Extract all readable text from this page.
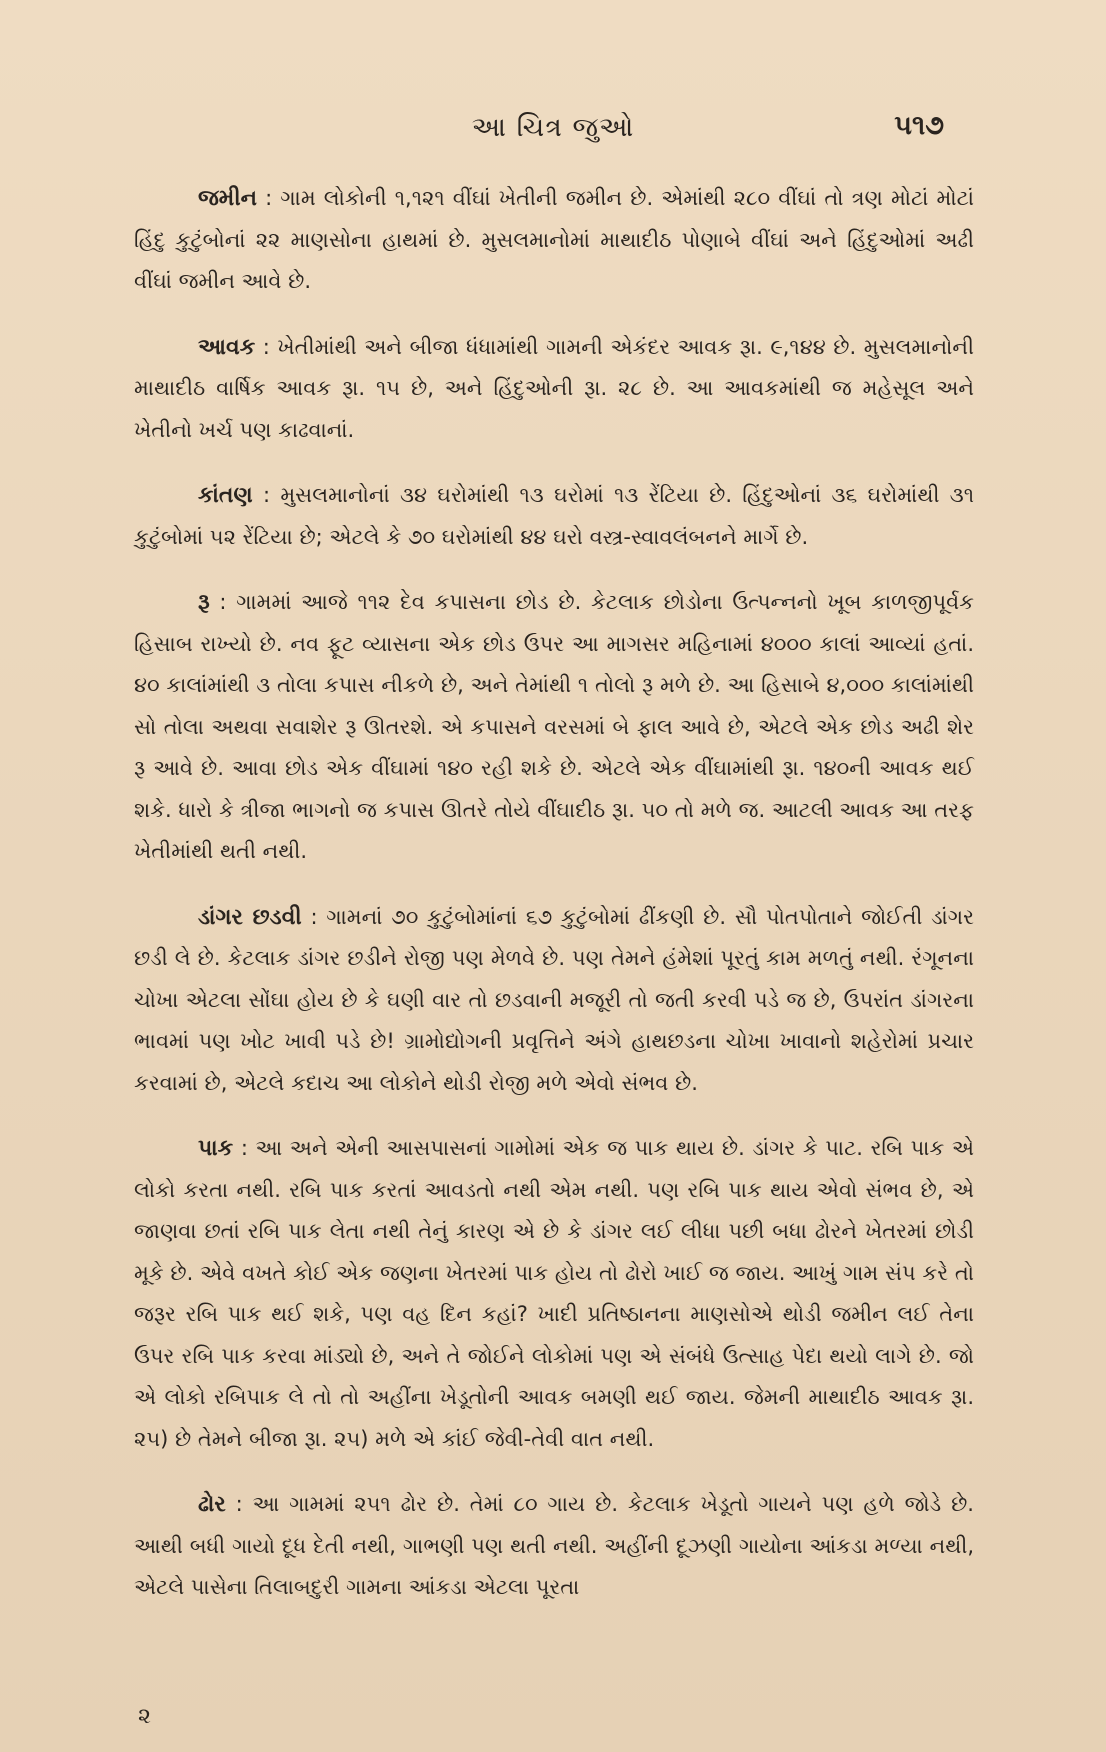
આ ચિત્ર જુઓ	૫૧૭

જમીન : ગામ લોકોની ૧,૧૨૧ વીંઘાં ખેતીની જમીન છે. એમાંથી ૨૮૦ વીંઘાં તો ત્રણ મોટાં મોટાં હિંદુ કુટુંબોનાં ૨૨ માણસોના હાથમાં છે. મુસલમાનોમાં માથાદીઠ પોણાબે વીંઘાં અને હિંદુઓમાં અઢી વીંઘાં જમીન આવે છે.

આવક : ખેતીમાંથી અને બીજા ધંધામાંથી ગામની એકંદર આવક રૂા. ૯,૧૪૪ છે. મુસલમાનોની માથાદીઠ વાર્ષિક આવક રૂા. ૧૫ છે, અને હિંદુઓની રૂા. ૨૮ છે. આ આવકમાંથી જ મહેસૂલ અને ખેતીનો ખર્ચ પણ કાઢવાનાં.

કાંતણ : મુસલમાનોનાં ૩૪ ઘરોમાંથી ૧૩ ઘરોમાં ૧૩ રેંટિયા છે. હિંદુઓનાં ૩૬ ઘરોમાંથી ૩૧ કુટુંબોમાં ૫૨ રેંટિયા છે; એટલે કે ૭૦ ઘરોમાંથી ૪૪ ઘરો વસ્ત્ર-સ્વાવલંબનને માર્ગે છે.

રૂ : ગામમાં આજે ૧૧૨ દેવ કપાસના છોડ છે. કેટલાક છોડોના ઉત્પન્નનો ખૂબ કાળજીપૂર્વક હિસાબ રાખ્યો છે. નવ ફૂટ વ્યાસના એક છોડ ઉપર આ માગસર મહિનામાં ૪૦૦૦ કાલાં આવ્યાં હતાં. ૪૦ કાલાંમાંથી ૩ તોલા કપાસ નીકળે છે, અને તેમાંથી ૧ તોલો રૂ મળે છે. આ હિસાબે ૪,૦૦૦ કાલાંમાંથી સો તોલા અથવા સવાશેર રૂ ઊતરશે. એ કપાસને વરસમાં બે ફાલ આવે છે, એટલે એક છોડ અઢી શેર રૂ આવે છે. આવા છોડ એક વીંઘામાં ૧૪૦ રહી શકે છે. એટલે એક વીંઘામાંથી રૂા. ૧૪૦ની આવક થઈ શકે. ધારો કે ત્રીજા ભાગનો જ કપાસ ઊતરે તોયે વીંઘાદીઠ રૂા. ૫૦ તો મળે જ. આટલી આવક આ તરફ ખેતીમાંથી થતી નથી.

ડાંગર છડવી : ગામનાં ૭૦ કુટુંબોમાંનાં ૬૭ કુટુંબોમાં ઢીંકણી છે. સૌ પોતપોતાને જોઈતી ડાંગર છડી લે છે. કેટલાક ડાંગર છડીને રોજી પણ મેળવે છે. પણ તેમને હંમેશાં પૂરતું કામ મળતું નથી. રંગૂનના ચોખા એટલા સોંઘા હોય છે કે ઘણી વાર તો છડવાની મજૂરી તો જતી કરવી પડે જ છે, ઉપરાંત ડાંગરના ભાવમાં પણ ખોટ ખાવી પડે છે! ગ્રામોદ્યોગની પ્રવૃત્તિને અંગે હાથછડના ચોખા ખાવાનો શહેરોમાં પ્રચાર કરવામાં છે, એટલે કદાચ આ લોકોને થોડી રોજી મળે એવો સંભવ છે.

પાક : આ અને એની આસપાસનાં ગામોમાં એક જ પાક થાય છે. ડાંગર કે પાટ. રબિ પાક એ લોકો કરતા નથી. રબિ પાક કરતાં આવડતો નથી એમ નથી. પણ રબિ પાક થાય એવો સંભવ છે, એ જાણવા છતાં રબિ પાક લેતા નથી તેનું કારણ એ છે કે ડાંગર લઈ લીધા પછી બધા ઢોરને ખેતરમાં છોડી મૂકે છે. એવે વખતે કોઈ એક જણના ખેતરમાં પાક હોય તો ઢોરો ખાઈ જ જાય. આખું ગામ સંપ કરે તો જરૂર રબિ પાક થઈ શકે, પણ વહ દિન કહાં? ખાદી પ્રતિષ્ઠાનના માણસોએ થોડી જમીન લઈ તેના ઉપર રબિ પાક કરવા માંડ્યો છે, અને તે જોઈને લોકોમાં પણ એ સંબંધે ઉત્સાહ પેદા થયો લાગે છે. જો એ લોકો રબિપાક લે તો તો અહીંના ખેડૂતોની આવક બમણી થઈ જાય. જેમની માથાદીઠ આવક રૂા. ૨૫) છે તેમને બીજા રૂા. ૨૫) મળે એ કાંઈ જેવી-તેવી વાત નથી.

ઢોર : આ ગામમાં ૨૫૧ ઢોર છે. તેમાં ૮૦ ગાય છે. કેટલાક ખેડૂતો ગાયને પણ હળે જોડે છે. આથી બધી ગાયો દૂધ દેતી નથી, ગાભણી પણ થતી નથી. અહીંની દૂઝણી ગાયોના આંકડા મળ્યા નથી, એટલે પાસેના તિલાબદુરી ગામના આંકડા એટલા પૂરતા

૨
